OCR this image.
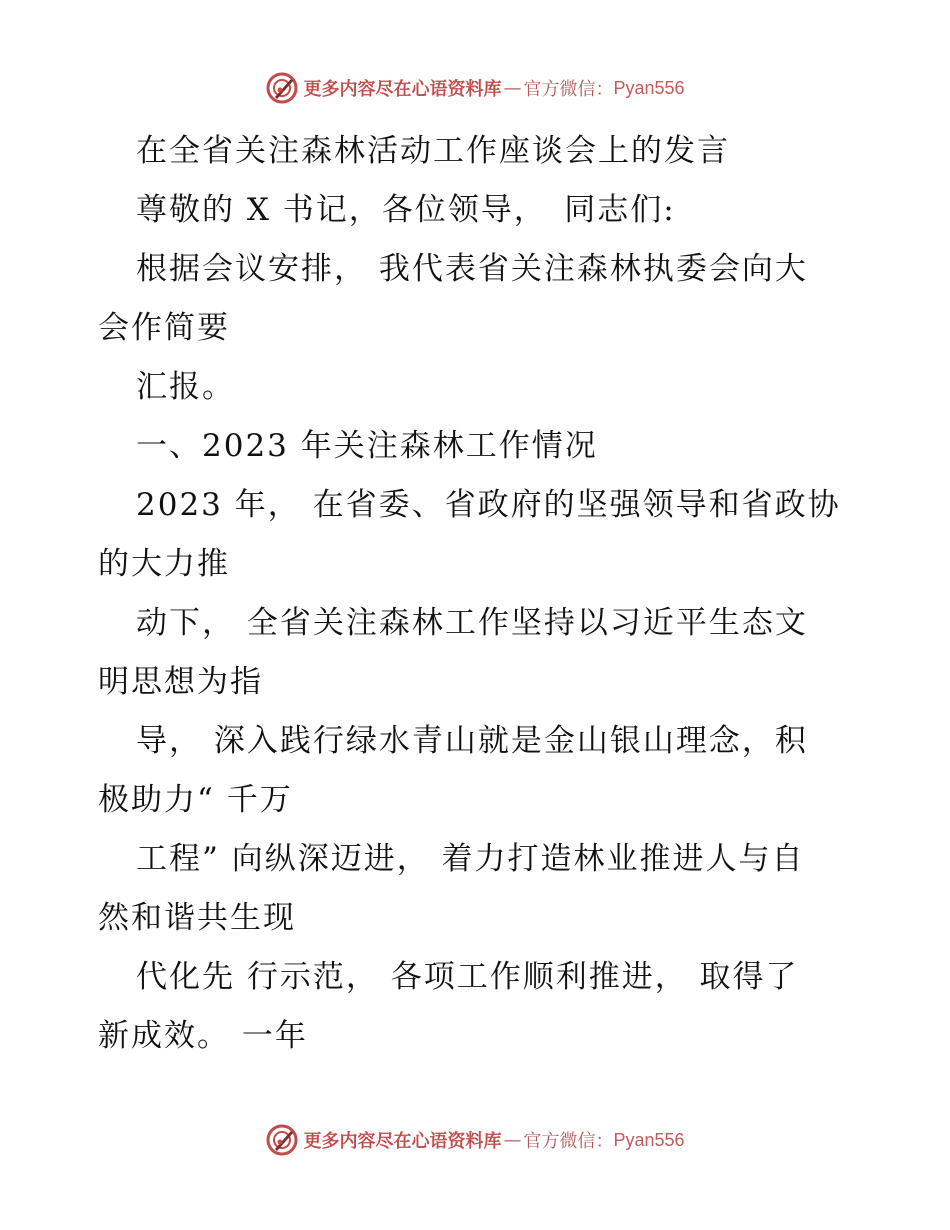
更多内容尽在心语资料库 — 官方微信： Pyan556
在全省关注森林活动工作座谈会上的发言
尊敬的 X 书记，各位领导，　同志们:
根据会议安排， 我代表省关注森林执委会向大
会作简要
汇报。
一、2023 年关注森林工作情况
2023 年， 在省委、省政府的坚强领导和省政协
的大力推
动下， 全省关注森林工作坚持以习近平生态文
明思想为指
导， 深入践行绿水青山就是金山银山理念，积
极助力“ 千万
工程” 向纵深迈进， 着力打造林业推进人与自
然和谐共生现
代化先 行示范， 各项工作顺利推进， 取得了
新成效。 一年
更多内容尽在心语资料库 — 官方微信： Pyan556
